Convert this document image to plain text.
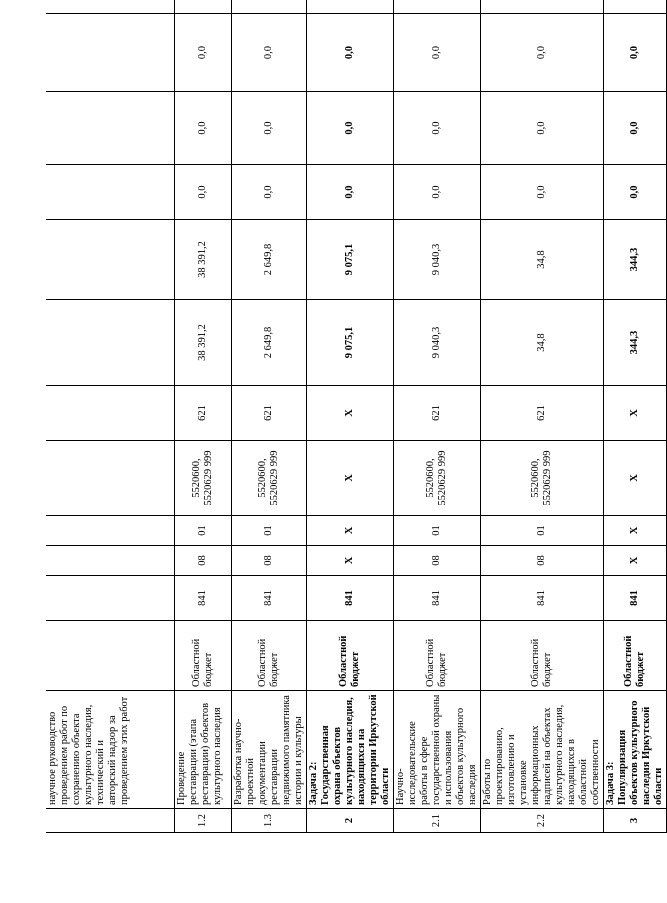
	научное руководство проведением работ по сохранению объекта культурного наследия, технический и авторский надзор за проведением этих работ												
1.2	Проведение реставрации (этапа реставрации) объектов культурного наследия	Областной бюджет	841	08	01	5520600, 5520629 999	621	38 391,2	38 391,2	0,0	0,0	0,0	
1.3	Разработка научно-проектной документации реставрации недвижимого памятника истории и культуры	Областной бюджет	841	08	01	5520600, 5520629 999	621	2 649,8	2 649,8	0,0	0,0	0,0	
2	Задача 2: Государственная охрана объектов культурного наследия, находящихся на территории Иркутской области	Областной бюджет	841	X	X	X	X	9 075,1	9 075,1	0,0	0,0	0,0	
2.1	Научно-исследовательские работы в сфере государственной охраны и использования объектов культурного наследия	Областной бюджет	841	08	01	5520600, 5520629 999	621	9 040,3	9 040,3	0,0	0,0	0,0	
2.2	Работы по проектированию, изготовлению и установке информационных надписей на объектах культурного наследия, находящихся в областной собственности	Областной бюджет	841	08	01	5520600, 5520629 999	621	34,8	34,8	0,0	0,0	0,0	
3	Задача 3: Популяризация объектов культурного наследия Иркутской области	Областной бюджет	841	X	X	X	X	344,3	344,3	0,0	0,0	0,0	
